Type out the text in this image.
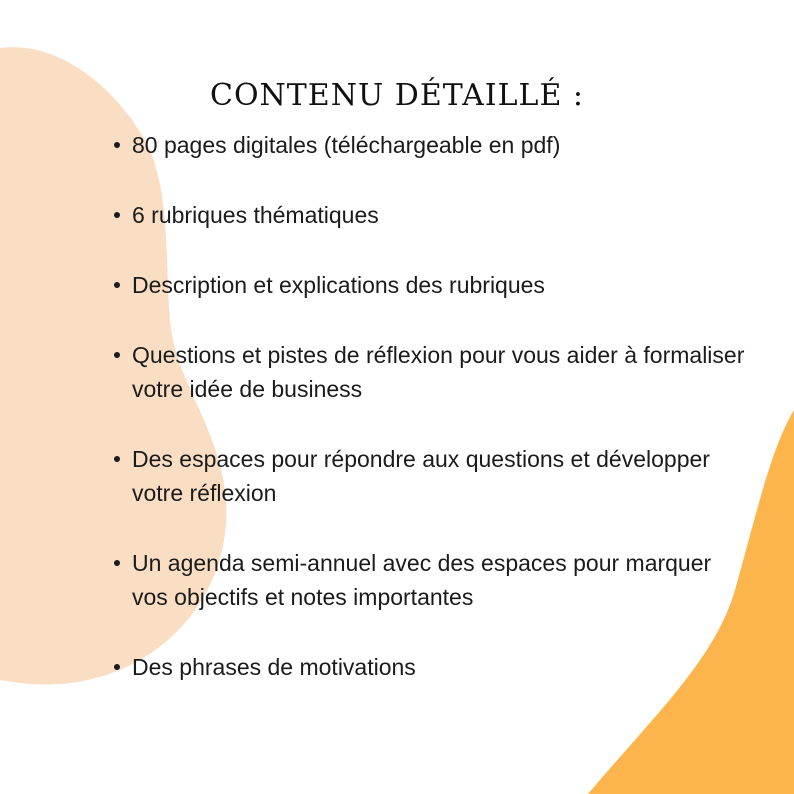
CONTENU DÉTAILLÉ :
80 pages digitales (téléchargeable en pdf)
6 rubriques thématiques
Description et explications des rubriques
Questions et pistes de réflexion pour vous aider à formaliser votre idée de business
Des espaces pour répondre aux questions et développer votre réflexion
Un agenda semi-annuel avec des espaces pour marquer vos objectifs et notes importantes
Des phrases de motivations
